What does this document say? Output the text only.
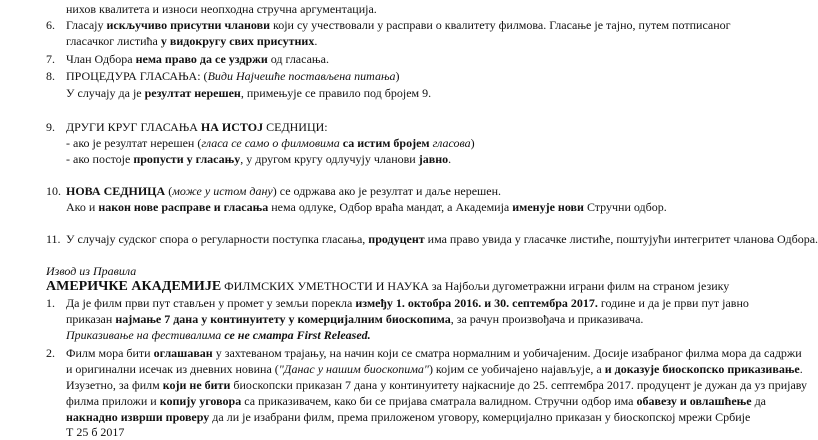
нихов квалитета и износи неопходна стручна аргументација.
6. Гласају искључиво присутни чланови који су учествовали у расправи о квалитету филмова. Гласање је тајно, путем потписаног
гласачког листића у видокругу свих присутних.
7. Члан Одбора нема право да се уздржи од гласања.
8. ПРОЦЕДУРА ГЛАСАЊА: (Види Најчешће постављена питања)
У случају да је резултат нерешен, примењује се правило под бројем 9.
9. ДРУГИ КРУГ ГЛАСАЊА НА ИСТОЈ СЕДНИЦИ:
- ако је резултат нерешен (гласа се само о филмовима са истим бројем гласова)
- ако постоје пропусти у гласању, у другом кругу одлучују чланови јавно.
10. НОВА СЕДНИЦА (може у истом дану) се одржава ако је резултат и даље нерешен.
Ако и након нове расправе и гласања нема одлуке, Одбор враћа мандат, а Академија именује нови Стручни одбор.
11. У случају судског спора о регуларности поступка гласања, продуцент има право увида у гласачке листиће, поштујући интегритет чланова Одбора.
Извод из Правила
АМЕРИЧКЕ АКАДЕМИЈЕ ФИЛМСКИХ УМЕТНОСТИ И НАУКА за Најбољи дугометражни играни филм на страном језику
1. Да је филм први пут стављен у промет у земљи порекла између 1. октобра 2016. и 30. септембра 2017. године и да је први пут јавно
приказан најмање 7 дана у континуитету у комерцијалним биоскопима, за рачун произвођача и приказивача.
Приказивање на фестивалима се не сматра First Released.
2. Филм мора бити оглашаван у захтеваном трајању, на начин који се сматра нормалним и уобичајеним. Досије изабраног филма мора да садржи
и оригинални исечак из дневних новина ("Данас у нашим биоскопима") којим се уобичајено најављује, а и доказује биоскопско приказивање.
Изузетно, за филм који не бити биоскопски приказан 7 дана у континуитету најкасније до 25. септембра 2017. продуцент је дужан да уз пријаву
филма приложи и копију уговора са приказивачем, како би се пријава сматрала валидном. Стручни одбор има обавезу и овлашћење да
накнадно изврши проверу да ли је изабрани филм, према приложеном уговору, комерцијално приказан у биоскопској мрежи Србије
Т 25 б 2017
